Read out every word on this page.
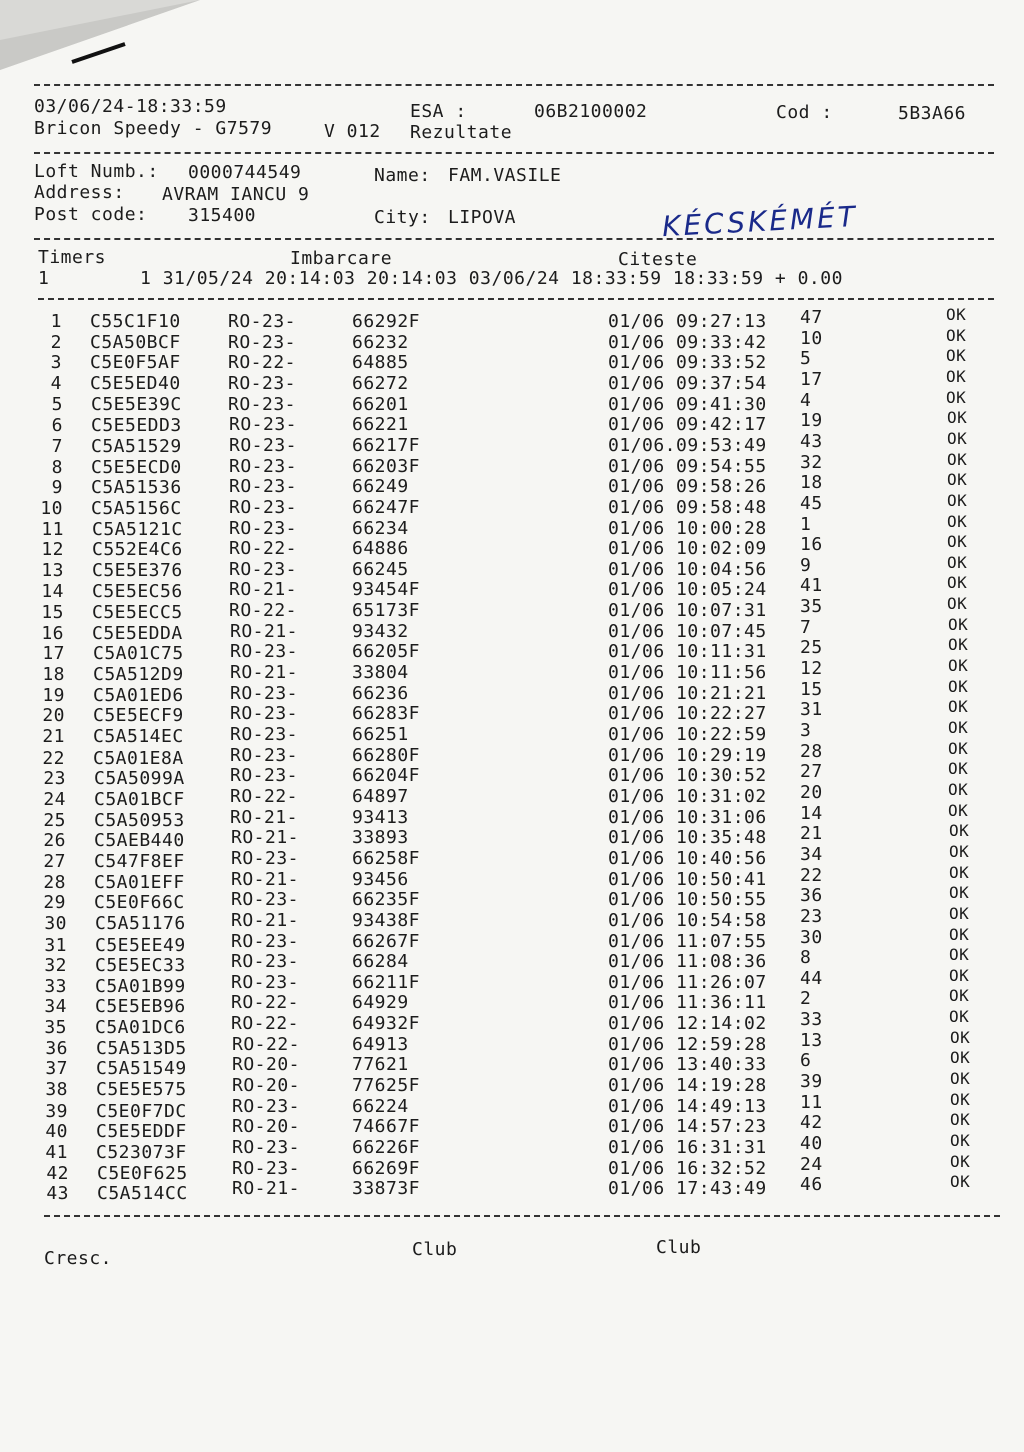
03/06/24-18:33:59	ESA :	06B2100002	Cod :	5B3A66
Bricon Speedy - G7579	V 012 Rezultate
Loft Numb.: 0000744549	Name: FAM.VASILE
Address: AVRAM IANCU 9
Post code: 315400	City: LIPOVA	KÉCSKÉMÉT
Timers	Imbarcare	Citeste
1        1 31/05/24 20:14:03 20:14:03 03/06/24 18:33:59 18:33:59 + 0.00
1 C55C1F10	RO-23-	66292F	01/06 09:27:13 47	OK
2 C5A50BCF	RO-23-	66232	01/06 09:33:42 10	OK
3 C5E0F5AF	RO-22-	64885	01/06 09:33:52 5	OK
4 C5E5ED40	RO-23-	66272	01/06 09:37:54 17	OK
5 C5E5E39C	RO-23-	66201	01/06 09:41:30 4	OK
6 C5E5EDD3	RO-23-	66221	01/06 09:42:17 19	OK
7 C5A51529	RO-23-	66217F	01/06.09:53:49 43	OK
8 C5E5ECD0	RO-23-	66203F	01/06 09:54:55 32	OK
9 C5A51536	RO-23-	66249	01/06 09:58:26 18	OK
10 C5A5156C	RO-23-	66247F	01/06 09:58:48 45	OK
11 C5A5121C	RO-23-	66234	01/06 10:00:28 1	OK
12 C552E4C6	RO-22-	64886	01/06 10:02:09 16	OK
13 C5E5E376	RO-23-	66245	01/06 10:04:56 9	OK
14 C5E5EC56	RO-21-	93454F	01/06 10:05:24 41	OK
15 C5E5ECC5	RO-22-	65173F	01/06 10:07:31 35	OK
16 C5E5EDDA	RO-21-	93432	01/06 10:07:45 7	OK
17 C5A01C75	RO-23-	66205F	01/06 10:11:31 25	OK
18 C5A512D9	RO-21-	33804	01/06 10:11:56 12	OK
19 C5A01ED6	RO-23-	66236	01/06 10:21:21 15	OK
20 C5E5ECF9	RO-23-	66283F	01/06 10:22:27 31	OK
21 C5A514EC	RO-23-	66251	01/06 10:22:59 3	OK
22 C5A01E8A	RO-23-	66280F	01/06 10:29:19 28	OK
23 C5A5099A	RO-23-	66204F	01/06 10:30:52 27	OK
24 C5A01BCF	RO-22-	64897	01/06 10:31:02 20	OK
25 C5A50953	RO-21-	93413	01/06 10:31:06 14	OK
26 C5AEB440	RO-21-	33893	01/06 10:35:48 21	OK
27 C547F8EF	RO-23-	66258F	01/06 10:40:56 34	OK
28 C5A01EFF	RO-21-	93456	01/06 10:50:41 22	OK
29 C5E0F66C	RO-23-	66235F	01/06 10:50:55 36	OK
30 C5A51176	RO-21-	93438F	01/06 10:54:58 23	OK
31 C5E5EE49	RO-23-	66267F	01/06 11:07:55 30	OK
32 C5E5EC33	RO-23-	66284	01/06 11:08:36 8	OK
33 C5A01B99	RO-23-	66211F	01/06 11:26:07 44	OK
34 C5E5EB96	RO-22-	64929	01/06 11:36:11 2	OK
35 C5A01DC6	RO-22-	64932F	01/06 12:14:02 33	OK
36 C5A513D5	RO-22-	64913	01/06 12:59:28 13	OK
37 C5A51549	RO-20-	77621	01/06 13:40:33 6	OK
38 C5E5E575	RO-20-	77625F	01/06 14:19:28 39	OK
39 C5E0F7DC	RO-23-	66224	01/06 14:49:13 11	OK
40 C5E5EDDF	RO-20-	74667F	01/06 14:57:23 42	OK
41 C523073F	RO-23-	66226F	01/06 16:31:31 40	OK
42 C5E0F625 RO-23-	66269F	01/06 16:32:52 24	OK
43 C5A514CC RO-21-	33873F	01/06 17:43:49 46	OK
Cresc.	Club	Club
